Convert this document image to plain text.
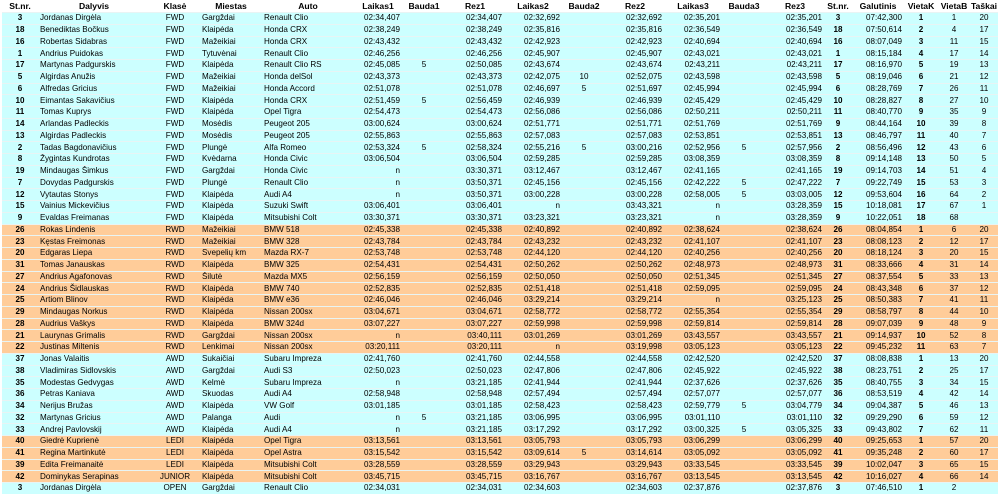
St.nr.	Dalyvis	Klasė	Miestas	Auto	Laikas1	Bauda1	Rez1	Laikas2	Bauda2	Rez2	Laikas3	Bauda3	Rez3	St.nr.	Galutinis	VietaK	VietaB	Taškai
3	Jordanas Dirgėla	FWD	Gargždai	Renault Clio	02:34,407		02:34,407	02:32,692		02:32,692	02:35,201		02:35,201	3	07:42,300	1	1	20
18	Benediktas Bočkus	FWD	Klaipėda	Honda CRX	02:38,249		02:38,249	02:35,816		02:35,816	02:36,549		02:36,549	18	07:50,614	2	4	17
16	Robertas Sidabras	FWD	Mažeikiai	Honda CRX	02:43,432		02:43,432	02:42,923		02:42,923	02:40,694		02:40,694	16	08:07,049	3	11	15
1	Andrius Puidokas	FWD	Tytuvėnai	Renault Clio	02:46,256		02:46,256	02:45,907		02:45,907	02:43,021		02:43,021	1	08:15,184	4	17	14
17	Martynas Padgurskis	FWD	Klaipėda	Renault Clio RS	02:45,085	5	02:50,085	02:43,674		02:43,674	02:43,211		02:43,211	17	08:16,970	5	19	13
5	Algirdas Anužis	FWD	Mažeikiai	Honda delSol	02:43,373		02:43,373	02:42,075	10	02:52,075	02:43,598		02:43,598	5	08:19,046	6	21	12
6	Alfredas Gricius	FWD	Mažeikiai	Honda Accord	02:51,078		02:51,078	02:46,697	5	02:51,697	02:45,994		02:45,994	6	08:28,769	7	26	11
10	Eimantas Sakavičius	FWD	Klaipėda	Honda CRX	02:51,459	5	02:56,459	02:46,939		02:46,939	02:45,429		02:45,429	10	08:28,827	8	27	10
11	Tomas Kuprys	FWD	Klaipėda	Opel Tigra	02:54,473		02:54,473	02:56,086		02:56,086	02:50,211		02:50,211	11	08:40,770	9	35	9
14	Arlandas Padleckis	FWD	Mosėdis	Peugeot 205	03:00,624		03:00,624	02:51,771		02:51,771	02:51,769		02:51,769	9	08:44,164	10	39	8
13	Algirdas Padleckis	FWD	Mosėdis	Peugeot 205	02:55,863		02:55,863	02:57,083		02:57,083	02:53,851		02:53,851	13	08:46,797	11	40	7
2	Tadas Bagdonavičius	FWD	Plungė	Alfa Romeo	02:53,324	5	02:58,324	02:55,216	5	03:00,216	02:52,956	5	02:57,956	2	08:56,496	12	43	6
8	Žygintas Kundrotas	FWD	Kvėdarna	Honda Civic	03:06,504		03:06,504	02:59,285		02:59,285	03:08,359		03:08,359	8	09:14,148	13	50	5
19	Mindaugas Šimkus	FWD	Gargždai	Honda Civic	n		03:30,371	03:12,467		03:12,467	02:41,165		02:41,165	19	09:14,703	14	51	4
7	Dovydas Padgurskis	FWD	Plungė	Renault Clio	n		03:50,371	02:45,156		02:45,156	02:42,222	5	02:47,222	7	09:22,749	15	53	3
12	Vytautas Stonys	FWD	Klaipėda	Audi A4	n		03:50,371	03:00,228		03:00,228	02:58,005	5	03:03,005	12	09:53,604	16	64	2
15	Vainius Mickevičius	FWD	Klaipėda	Suzuki Swift	03:06,401		03:06,401	n		03:43,321	n		03:28,359	15	10:18,081	17	67	1
9	Evaldas Freimanas	FWD	Klaipėda	Mitsubishi Colt	03:30,371		03:30,371	03:23,321		03:23,321	n		03:28,359	9	10:22,051	18	68	
26	Rokas Lindenis	RWD	Mažeikiai	BMW 518	02:45,338		02:45,338	02:40,892		02:40,892	02:38,624		02:38,624	26	08:04,854	1	6	20
23	Kęstas Freimonas	RWD	Mažeikiai	BMW 328	02:43,784		02:43,784	02:43,232		02:43,232	02:41,107		02:41,107	23	08:08,123	2	12	17
20	Edgaras Liepa	RWD	Svepelių km	Mazda RX-7	02:53,748		02:53,748	02:44,120		02:44,120	02:40,256		02:40,256	20	08:18,124	3	20	15
31	Tomas Janauskas	RWD	Klaipėda	BMW 325	02:54,431		02:54,431	02:50,262		02:50,262	02:48,973		02:48,973	31	08:33,666	4	31	14
27	Andrius Agafonovas	RWD	Šilutė	Mazda MX5	02:56,159		02:56,159	02:50,050		02:50,050	02:51,345		02:51,345	27	08:37,554	5	33	13
24	Andrius Šidlauskas	RWD	Klaipėda	BMW 740	02:52,835		02:52,835	02:51,418		02:51,418	02:59,095		02:59,095	24	08:43,348	6	37	12
25	Artiom Blinov	RWD	Klaipėda	BMW e36	02:46,046		02:46,046	03:29,214		03:29,214	n		03:25,123	25	08:50,383	7	41	11
29	Mindaugas Norkus	RWD	Klaipėda	Nissan 200sx	03:04,671		03:04,671	02:58,772		02:58,772	02:55,354		02:55,354	29	08:58,797	8	44	10
28	Audrius Vaškys	RWD	Klaipėda	BMW 324d	03:07,227		03:07,227	02:59,998		02:59,998	02:59,814		02:59,814	28	09:07,039	9	48	9
21	Laurynas Grimalis	RWD	Gargždai	Nissan 200sx	n		03:40,111	03:01,269		03:01,269	03:43,557		03:43,557	21	09:14,937	10	52	8
22	Justinas Miltenis	RWD	Lenkimai	Nissan 200sx	03:20,111		03:20,111	n		03:19,998	03:05,123		03:05,123	22	09:45,232	11	63	7
37	Jonas Valaitis	AWD	Sukaičiai	Subaru Impreza	02:41,760		02:41,760	02:44,558		02:44,558	02:42,520		02:42,520	37	08:08,838	1	13	20
38	Vladimiras Sidlovskis	AWD	Gargždai	Audi S3	02:50,023		02:50,023	02:47,806		02:47,806	02:45,922		02:45,922	38	08:23,751	2	25	17
35	Modestas Gedvygas	AWD	Kelmė	Subaru Impreza	n		03:21,185	02:41,944		02:41,944	02:37,626		02:37,626	35	08:40,755	3	34	15
36	Petras Kaniava	AWD	Skuodas	Audi A4	02:58,948		02:58,948	02:57,494		02:57,494	02:57,077		02:57,077	36	08:53,519	4	42	14
34	Nerijus Bružas	AWD	Klaipėda	VW Golf	03:01,185		03:01,185	02:58,423		02:58,423	02:59,779	5	03:04,779	34	09:04,387	5	46	13
32	Martynas Gricius	AWD	Palanga	Audi	n	5	03:21,185	03:06,995		03:06,995	03:01,110		03:01,110	32	09:29,290	6	59	12
33	Andrej Pavlovskij	AWD	Klaipėda	Audi A4	n		03:21,185	03:17,292		03:17,292	03:00,325	5	03:05,325	33	09:43,802	7	62	11
40	Giedrė Kuprienė	LEDI	Klaipėda	Opel Tigra	03:13,561		03:13,561	03:05,793		03:05,793	03:06,299		03:06,299	40	09:25,653	1	57	20
41	Regina Martinkutė	LEDI	Klaipėda	Opel Astra	03:15,542		03:15,542	03:09,614	5	03:14,614	03:05,092		03:05,092	41	09:35,248	2	60	17
39	Editа Freimanaitė	LEDI	Klaipėda	Mitsubishi Colt	03:28,559		03:28,559	03:29,943		03:29,943	03:33,545		03:33,545	39	10:02,047	3	65	15
42	Dominykas Serapinas	JUNIOR	Klaipėda	Mitsubishi Colt	03:45,715		03:45,715	03:16,767		03:16,767	03:13,545		03:13,545	42	10:16,027	4	66	14
3	Jordanas Dirgėla	OPEN	Gargždai	Renault Clio	02:34,031		02:34,031	02:34,603		02:34,603	02:37,876		02:37,876	3	07:46,510	1	2	
